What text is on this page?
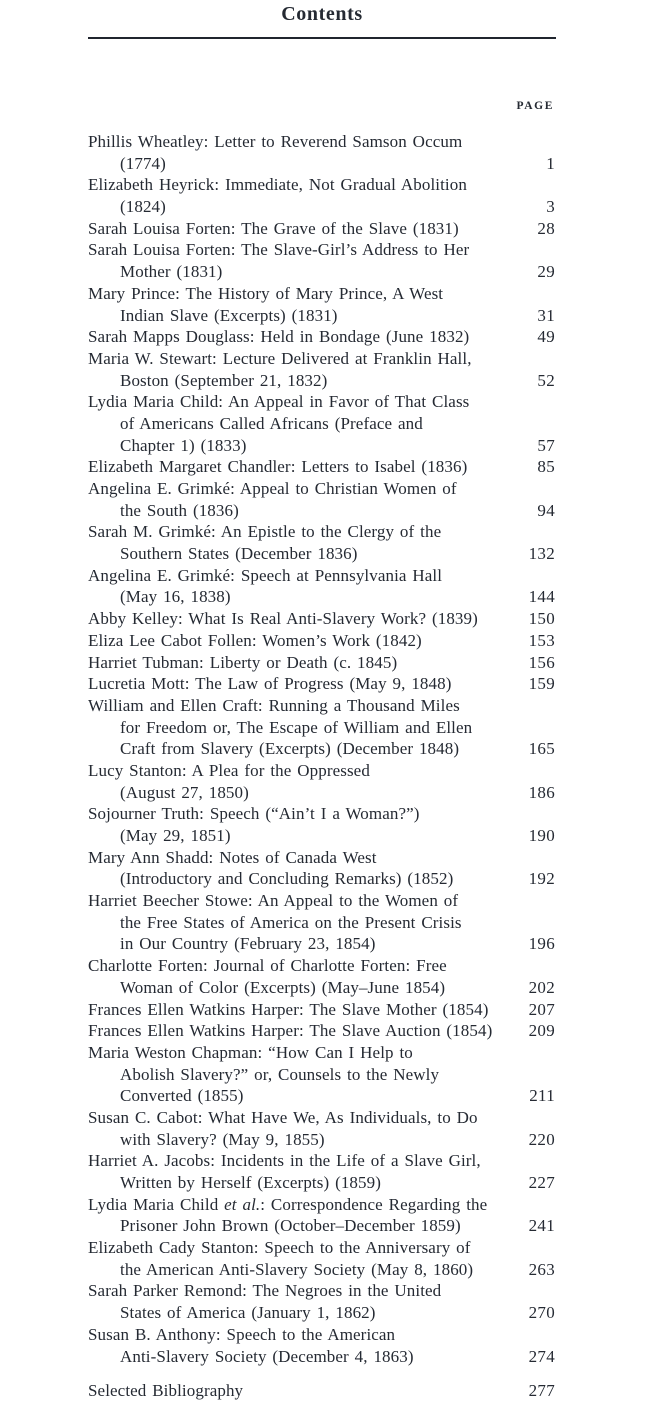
Contents
PAGE
Phillis Wheatley: Letter to Reverend Samson Occum
(1774)	1
Elizabeth Heyrick: Immediate, Not Gradual Abolition
(1824)	3
Sarah Louisa Forten: The Grave of the Slave (1831)	28
Sarah Louisa Forten: The Slave-Girl’s Address to Her
Mother (1831)	29
Mary Prince: The History of Mary Prince, A West
Indian Slave (Excerpts) (1831)	31
Sarah Mapps Douglass: Held in Bondage (June 1832)	49
Maria W. Stewart: Lecture Delivered at Franklin Hall,
Boston (September 21, 1832)	52
Lydia Maria Child: An Appeal in Favor of That Class
of Americans Called Africans (Preface and
Chapter 1) (1833)	57
Elizabeth Margaret Chandler: Letters to Isabel (1836)	85
Angelina E. Grimké: Appeal to Christian Women of
the South (1836)	94
Sarah M. Grimké: An Epistle to the Clergy of the
Southern States (December 1836)	132
Angelina E. Grimké: Speech at Pennsylvania Hall
(May 16, 1838)	144
Abby Kelley: What Is Real Anti-Slavery Work? (1839)	150
Eliza Lee Cabot Follen: Women’s Work (1842)	153
Harriet Tubman: Liberty or Death (c. 1845)	156
Lucretia Mott: The Law of Progress (May 9, 1848)	159
William and Ellen Craft: Running a Thousand Miles
for Freedom or, The Escape of William and Ellen
Craft from Slavery (Excerpts) (December 1848)	165
Lucy Stanton: A Plea for the Oppressed
(August 27, 1850)	186
Sojourner Truth: Speech (“Ain’t I a Woman?”)
(May 29, 1851)	190
Mary Ann Shadd: Notes of Canada West
(Introductory and Concluding Remarks) (1852)	192
Harriet Beecher Stowe: An Appeal to the Women of
the Free States of America on the Present Crisis
in Our Country (February 23, 1854)	196
Charlotte Forten: Journal of Charlotte Forten: Free
Woman of Color (Excerpts) (May–June 1854)	202
Frances Ellen Watkins Harper: The Slave Mother (1854) 207
Frances Ellen Watkins Harper: The Slave Auction (1854) 209
Maria Weston Chapman: “How Can I Help to
Abolish Slavery?” or, Counsels to the Newly
Converted (1855)	211
Susan C. Cabot: What Have We, As Individuals, to Do
with Slavery? (May 9, 1855)	220
Harriet A. Jacobs: Incidents in the Life of a Slave Girl,
Written by Herself (Excerpts) (1859)	227
Lydia Maria Child et al.: Correspondence Regarding the
Prisoner John Brown (October–December 1859)	241
Elizabeth Cady Stanton: Speech to the Anniversary of
the American Anti-Slavery Society (May 8, 1860)	263
Sarah Parker Remond: The Negroes in the United
States of America (January 1, 1862)	270
Susan B. Anthony: Speech to the American
Anti-Slavery Society (December 4, 1863)	274
Selected Bibliography	277
